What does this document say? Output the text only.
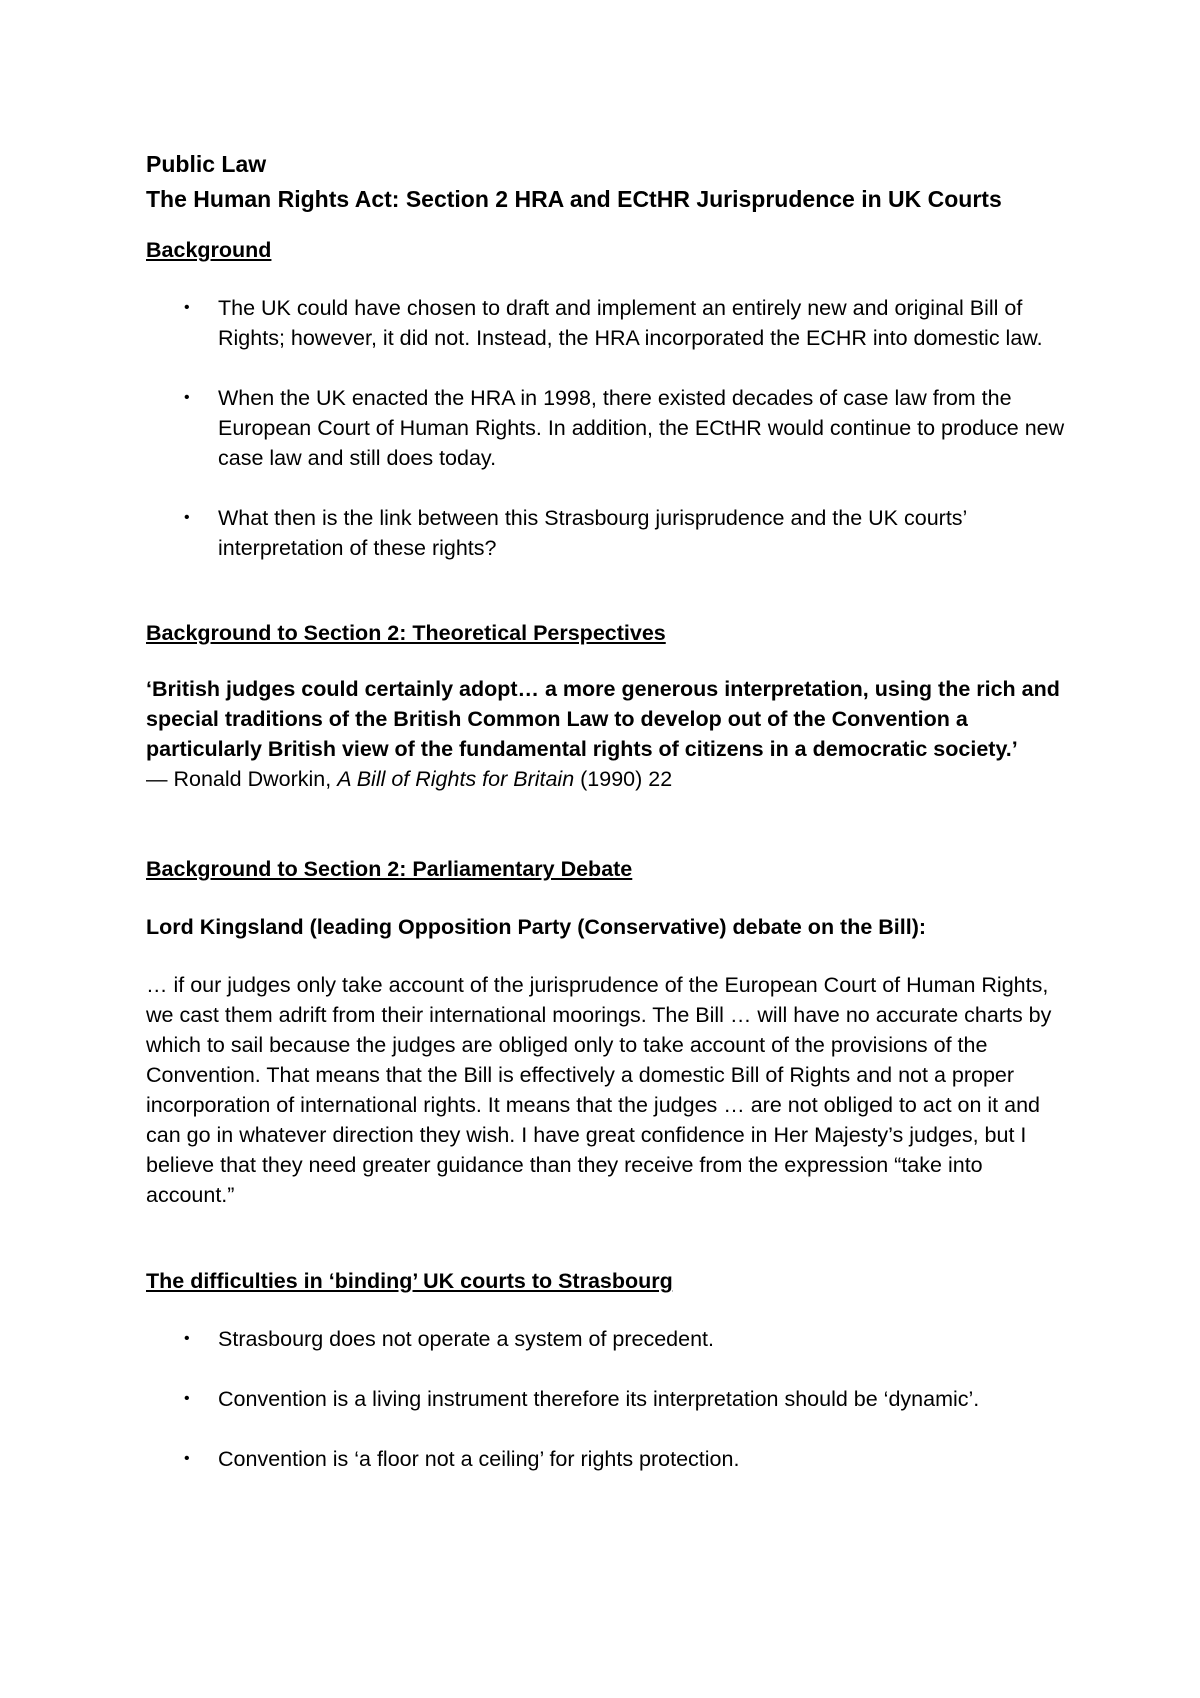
Public Law

The Human Rights Act: Section 2 HRA and ECtHR Jurisprudence in UK Courts

Background

• The UK could have chosen to draft and implement an entirely new and original Bill of Rights; however, it did not. Instead, the HRA incorporated the ECHR into domestic law.
• When the UK enacted the HRA in 1998, there existed decades of case law from the European Court of Human Rights. In addition, the ECtHR would continue to produce new case law and still does today.
• What then is the link between this Strasbourg jurisprudence and the UK courts’ interpretation of these rights?

Background to Section 2: Theoretical Perspectives

‘British judges could certainly adopt… a more generous interpretation, using the rich and special traditions of the British Common Law to develop out of the Convention a particularly British view of the fundamental rights of citizens in a democratic society.’

— Ronald Dworkin, A Bill of Rights for Britain (1990) 22

Background to Section 2: Parliamentary Debate

Lord Kingsland (leading Opposition Party (Conservative) debate on the Bill):

… if our judges only take account of the jurisprudence of the European Court of Human Rights, we cast them adrift from their international moorings. The Bill … will have no accurate charts by which to sail because the judges are obliged only to take account of the provisions of the Convention. That means that the Bill is effectively a domestic Bill of Rights and not a proper incorporation of international rights. It means that the judges … are not obliged to act on it and can go in whatever direction they wish. I have great confidence in Her Majesty’s judges, but I believe that they need greater guidance than they receive from the expression “take into account.”

The difficulties in ‘binding’ UK courts to Strasbourg

• Strasbourg does not operate a system of precedent.
• Convention is a living instrument therefore its interpretation should be ‘dynamic’.
• Convention is ‘a floor not a ceiling’ for rights protection.
